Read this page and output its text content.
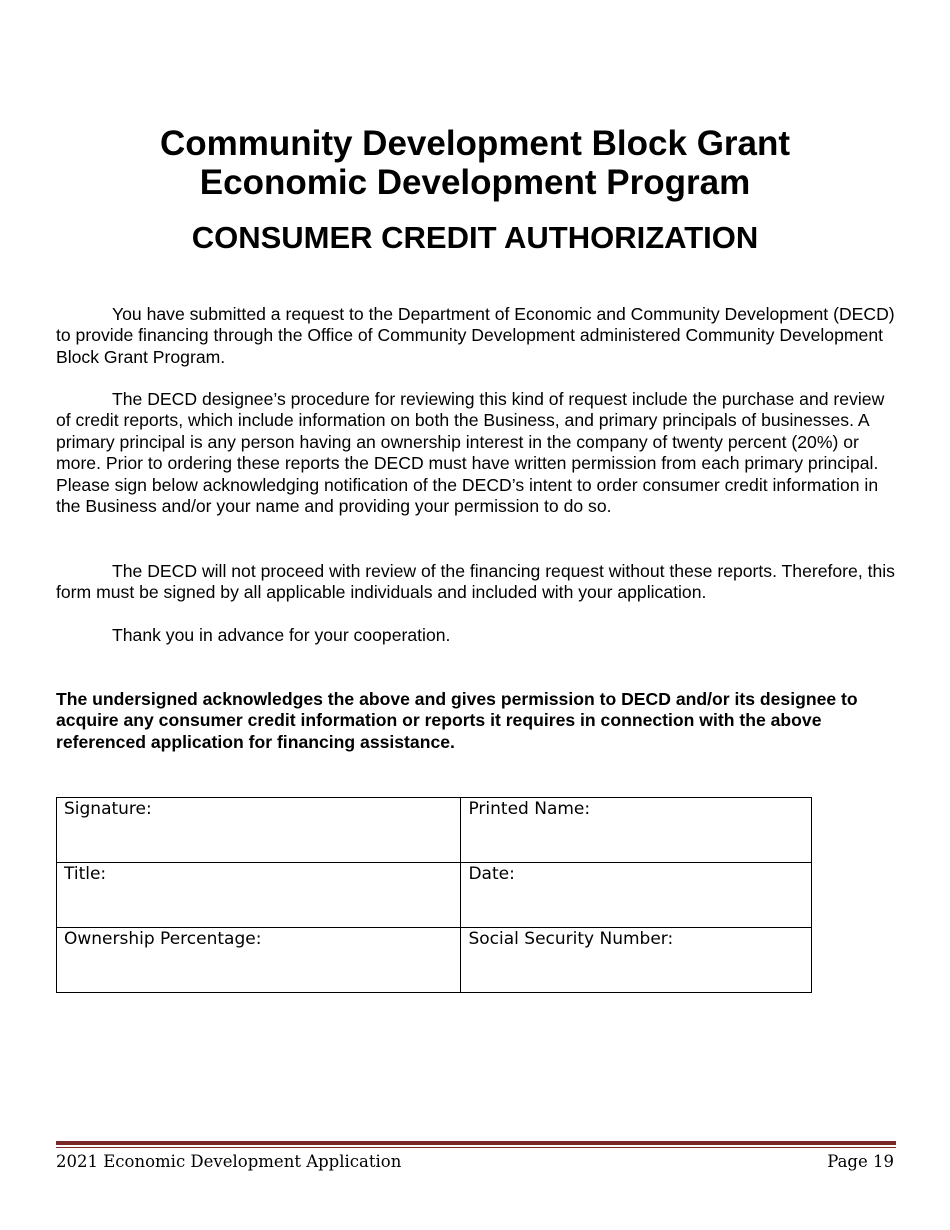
Community Development Block Grant
Economic Development Program
CONSUMER CREDIT AUTHORIZATION

You have submitted a request to the Department of Economic and Community Development (DECD) to provide financing through the Office of Community Development administered Community Development Block Grant Program.

The DECD designee’s procedure for reviewing this kind of request include the purchase and review of credit reports, which include information on both the Business, and primary principals of businesses. A primary principal is any person having an ownership interest in the company of twenty percent (20%) or more. Prior to ordering these reports the DECD must have written permission from each primary principal. Please sign below acknowledging notification of the DECD’s intent to order consumer credit information in the Business and/or your name and providing your permission to do so.

The DECD will not proceed with review of the financing request without these reports. Therefore, this form must be signed by all applicable individuals and included with your application.

Thank you in advance for your cooperation.

The undersigned acknowledges the above and gives permission to DECD and/or its designee to acquire any consumer credit information or reports it requires in connection with the above referenced application for financing assistance.

Signature:	Printed Name:
Title:	Date:
Ownership Percentage:	Social Security Number:
2021 Economic Development Application	Page 19
